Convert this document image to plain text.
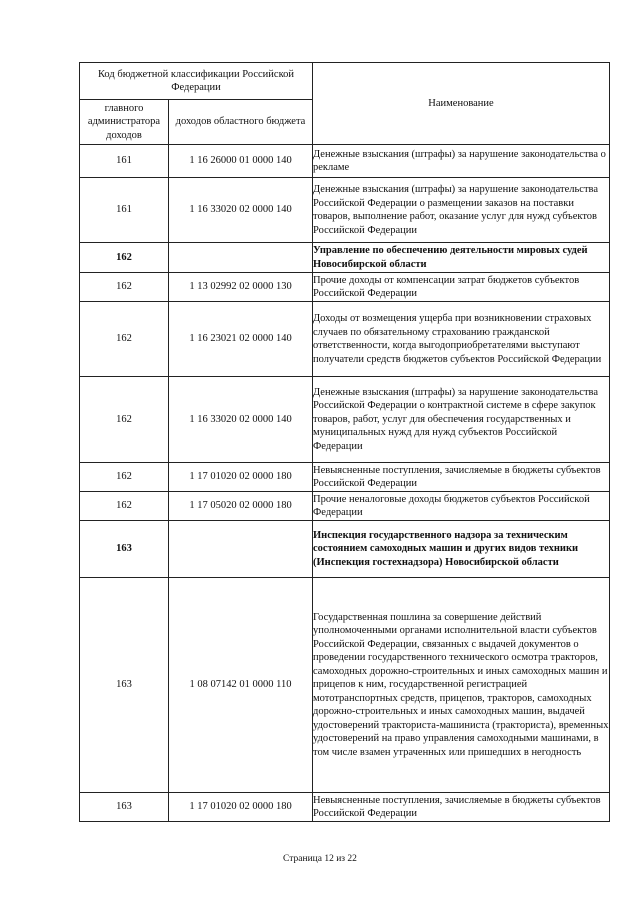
Код бюджетной классификации Российской Федерации		Наименование
главного администратора доходов	доходов областного бюджета	
161	1 16 26000 01 0000 140	Денежные взыскания (штрафы) за нарушение законодательства о рекламе
161	1 16 33020 02 0000 140	Денежные взыскания (штрафы) за нарушение законодательства Российской Федерации о размещении заказов на поставки товаров, выполнение работ, оказание услуг для нужд субъектов Российской Федерации
162		Управление по обеспечению деятельности мировых судей Новосибирской области
162	1 13 02992 02 0000 130	Прочие доходы от компенсации затрат бюджетов субъектов Российской Федерации
162	1 16 23021 02 0000 140	Доходы от возмещения ущерба при возникновении страховых случаев по обязательному страхованию гражданской ответственности, когда выгодоприобретателями выступают получатели средств бюджетов субъектов Российской Федерации
162	1 16 33020 02 0000 140	Денежные взыскания (штрафы) за нарушение законодательства Российской Федерации о контрактной системе в сфере закупок товаров, работ, услуг для обеспечения государственных и муниципальных нужд для нужд субъектов Российской Федерации
162	1 17 01020 02 0000 180	Невыясненные поступления, зачисляемые в бюджеты субъектов Российской Федерации
162	1 17 05020 02 0000 180	Прочие неналоговые доходы бюджетов субъектов Российской Федерации
163		Инспекция государственного надзора за техническим состоянием самоходных машин и других видов техники (Инспекция гостехнадзора) Новосибирской области
163	1 08 07142 01 0000 110	Государственная пошлина за совершение действий уполномоченными органами исполнительной власти субъектов Российской Федерации, связанных с выдачей документов о проведении государственного технического осмотра тракторов, самоходных дорожно-строительных и иных самоходных машин и прицепов к ним, государственной регистрацией мототранспортных средств, прицепов, тракторов, самоходных дорожно-строительных и иных самоходных машин, выдачей удостоверений тракториста-машиниста (тракториста), временных удостоверений на право управления самоходными машинами, в том числе взамен утраченных или пришедших в негодность
163	1 17 01020 02 0000 180	Невыясненные поступления, зачисляемые в бюджеты субъектов Российской Федерации
Страница 12 из 22
